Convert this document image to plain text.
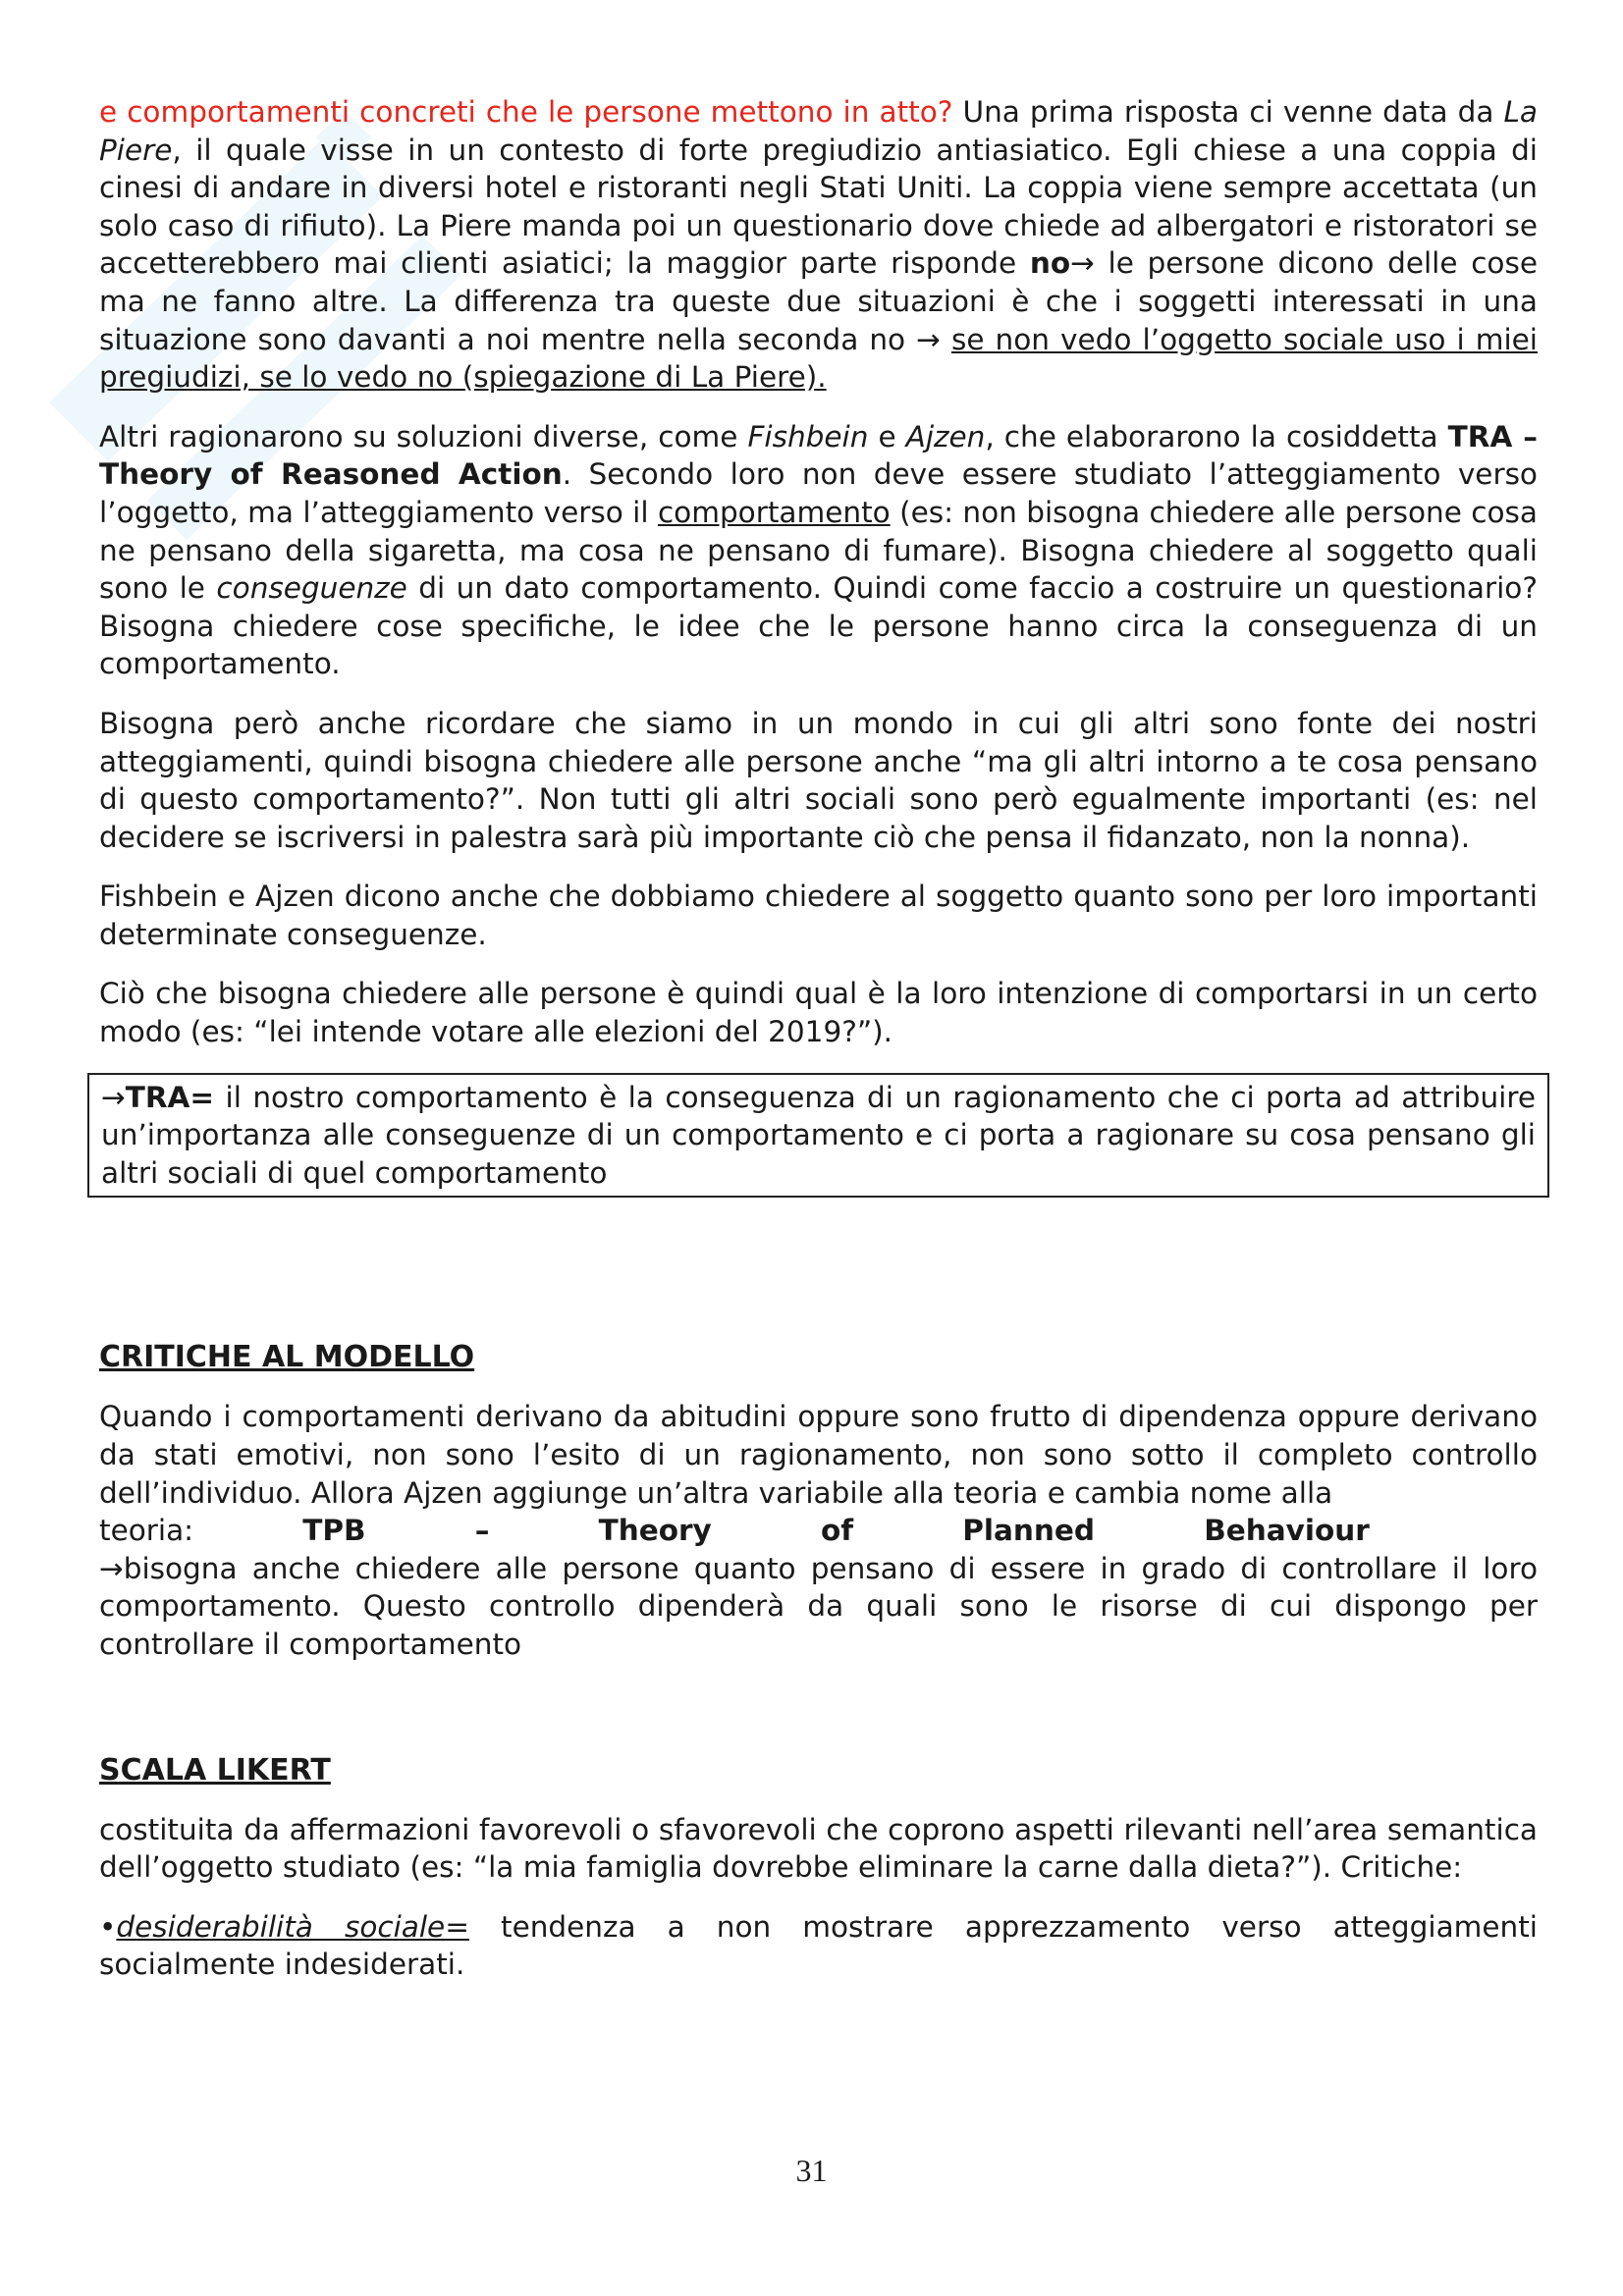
e comportamenti concreti che le persone mettono in atto? Una prima risposta ci venne data da La Piere, il quale visse in un contesto di forte pregiudizio antiasiatico. Egli chiese a una coppia di cinesi di andare in diversi hotel e ristoranti negli Stati Uniti. La coppia viene sempre accettata (un solo caso di rifiuto). La Piere manda poi un questionario dove chiede ad albergatori e ristoratori se accetterebbero mai clienti asiatici; la maggior parte risponde no→ le persone dicono delle cose ma ne fanno altre. La differenza tra queste due situazioni è che i soggetti interessati in una situazione sono davanti a noi mentre nella seconda no → se non vedo l’oggetto sociale uso i miei pregiudizi, se lo vedo no (spiegazione di La Piere).

Altri ragionarono su soluzioni diverse, come Fishbein e Ajzen, che elaborarono la cosiddetta TRA – Theory of Reasoned Action. Secondo loro non deve essere studiato l’atteggiamento verso l’oggetto, ma l’atteggiamento verso il comportamento (es: non bisogna chiedere alle persone cosa ne pensano della sigaretta, ma cosa ne pensano di fumare). Bisogna chiedere al soggetto quali sono le conseguenze di un dato comportamento. Quindi come faccio a costruire un questionario? Bisogna chiedere cose specifiche, le idee che le persone hanno circa la conseguenza di un comportamento.

Bisogna però anche ricordare che siamo in un mondo in cui gli altri sono fonte dei nostri atteggiamenti, quindi bisogna chiedere alle persone anche “ma gli altri intorno a te cosa pensano di questo comportamento?”. Non tutti gli altri sociali sono però egualmente importanti (es: nel decidere se iscriversi in palestra sarà più importante ciò che pensa il fidanzato, non la nonna).

Fishbein e Ajzen dicono anche che dobbiamo chiedere al soggetto quanto sono per loro importanti determinate conseguenze.

Ciò che bisogna chiedere alle persone è quindi qual è la loro intenzione di comportarsi in un certo modo (es: “lei intende votare alle elezioni del 2019?”).

→TRA= il nostro comportamento è la conseguenza di un ragionamento che ci porta ad attribuire un’importanza alle conseguenze di un comportamento e ci porta a ragionare su cosa pensano gli altri sociali di quel comportamento

CRITICHE AL MODELLO

Quando i comportamenti derivano da abitudini oppure sono frutto di dipendenza oppure derivano da stati emotivi, non sono l’esito di un ragionamento, non sono sotto il completo controllo dell’individuo. Allora Ajzen aggiunge un’altra variabile alla teoria e cambia nome alla

teoria:	TPB	–	Theory	of	Planned	Behaviour

→bisogna anche chiedere alle persone quanto pensano di essere in grado di controllare il loro comportamento. Questo controllo dipenderà da quali sono le risorse di cui dispongo per controllare il comportamento

SCALA LIKERT

costituita da affermazioni favorevoli o sfavorevoli che coprono aspetti rilevanti nell’area semantica dell’oggetto studiato (es: “la mia famiglia dovrebbe eliminare la carne dalla dieta?”). Critiche:

•desiderabilità sociale= tendenza a non mostrare apprezzamento verso atteggiamenti socialmente indesiderati.

31
